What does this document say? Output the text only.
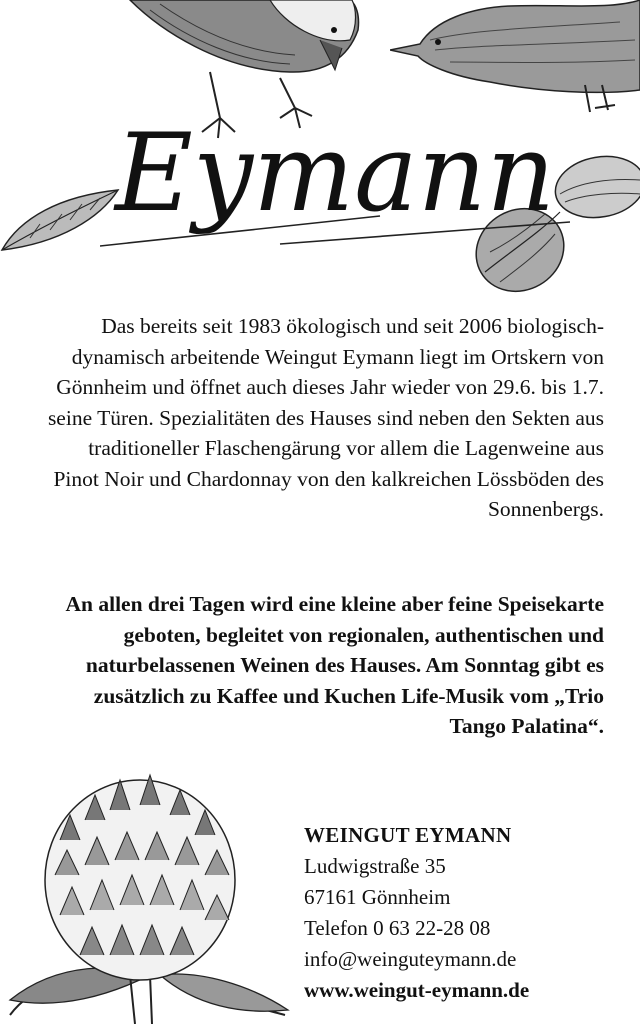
Eymann
Das bereits seit 1983 ökologisch und seit 2006 biologisch-dynamisch arbeitende Weingut Eymann liegt im Ortskern von Gönnheim und öffnet auch dieses Jahr wieder von 29.6. bis 1.7. seine Türen. Spezialitäten des Hauses sind neben den Sekten aus traditioneller Flaschengärung vor allem die Lagenweine aus Pinot Noir und Chardonnay von den kalkreichen Lössböden des Sonnenbergs.
An allen drei Tagen wird eine kleine aber feine Speisekarte geboten, begleitet von regionalen, authentischen und naturbelassenen Weinen des Hauses. Am Sonntag gibt es zusätzlich zu Kaffee und Kuchen Life-Musik vom „Trio Tango Palatina“.
WEINGUT EYMANN
Ludwigstraße 35
67161 Gönnheim
Telefon 0 63 22-28 08
info@weinguteymann.de
www.weingut-eymann.de
